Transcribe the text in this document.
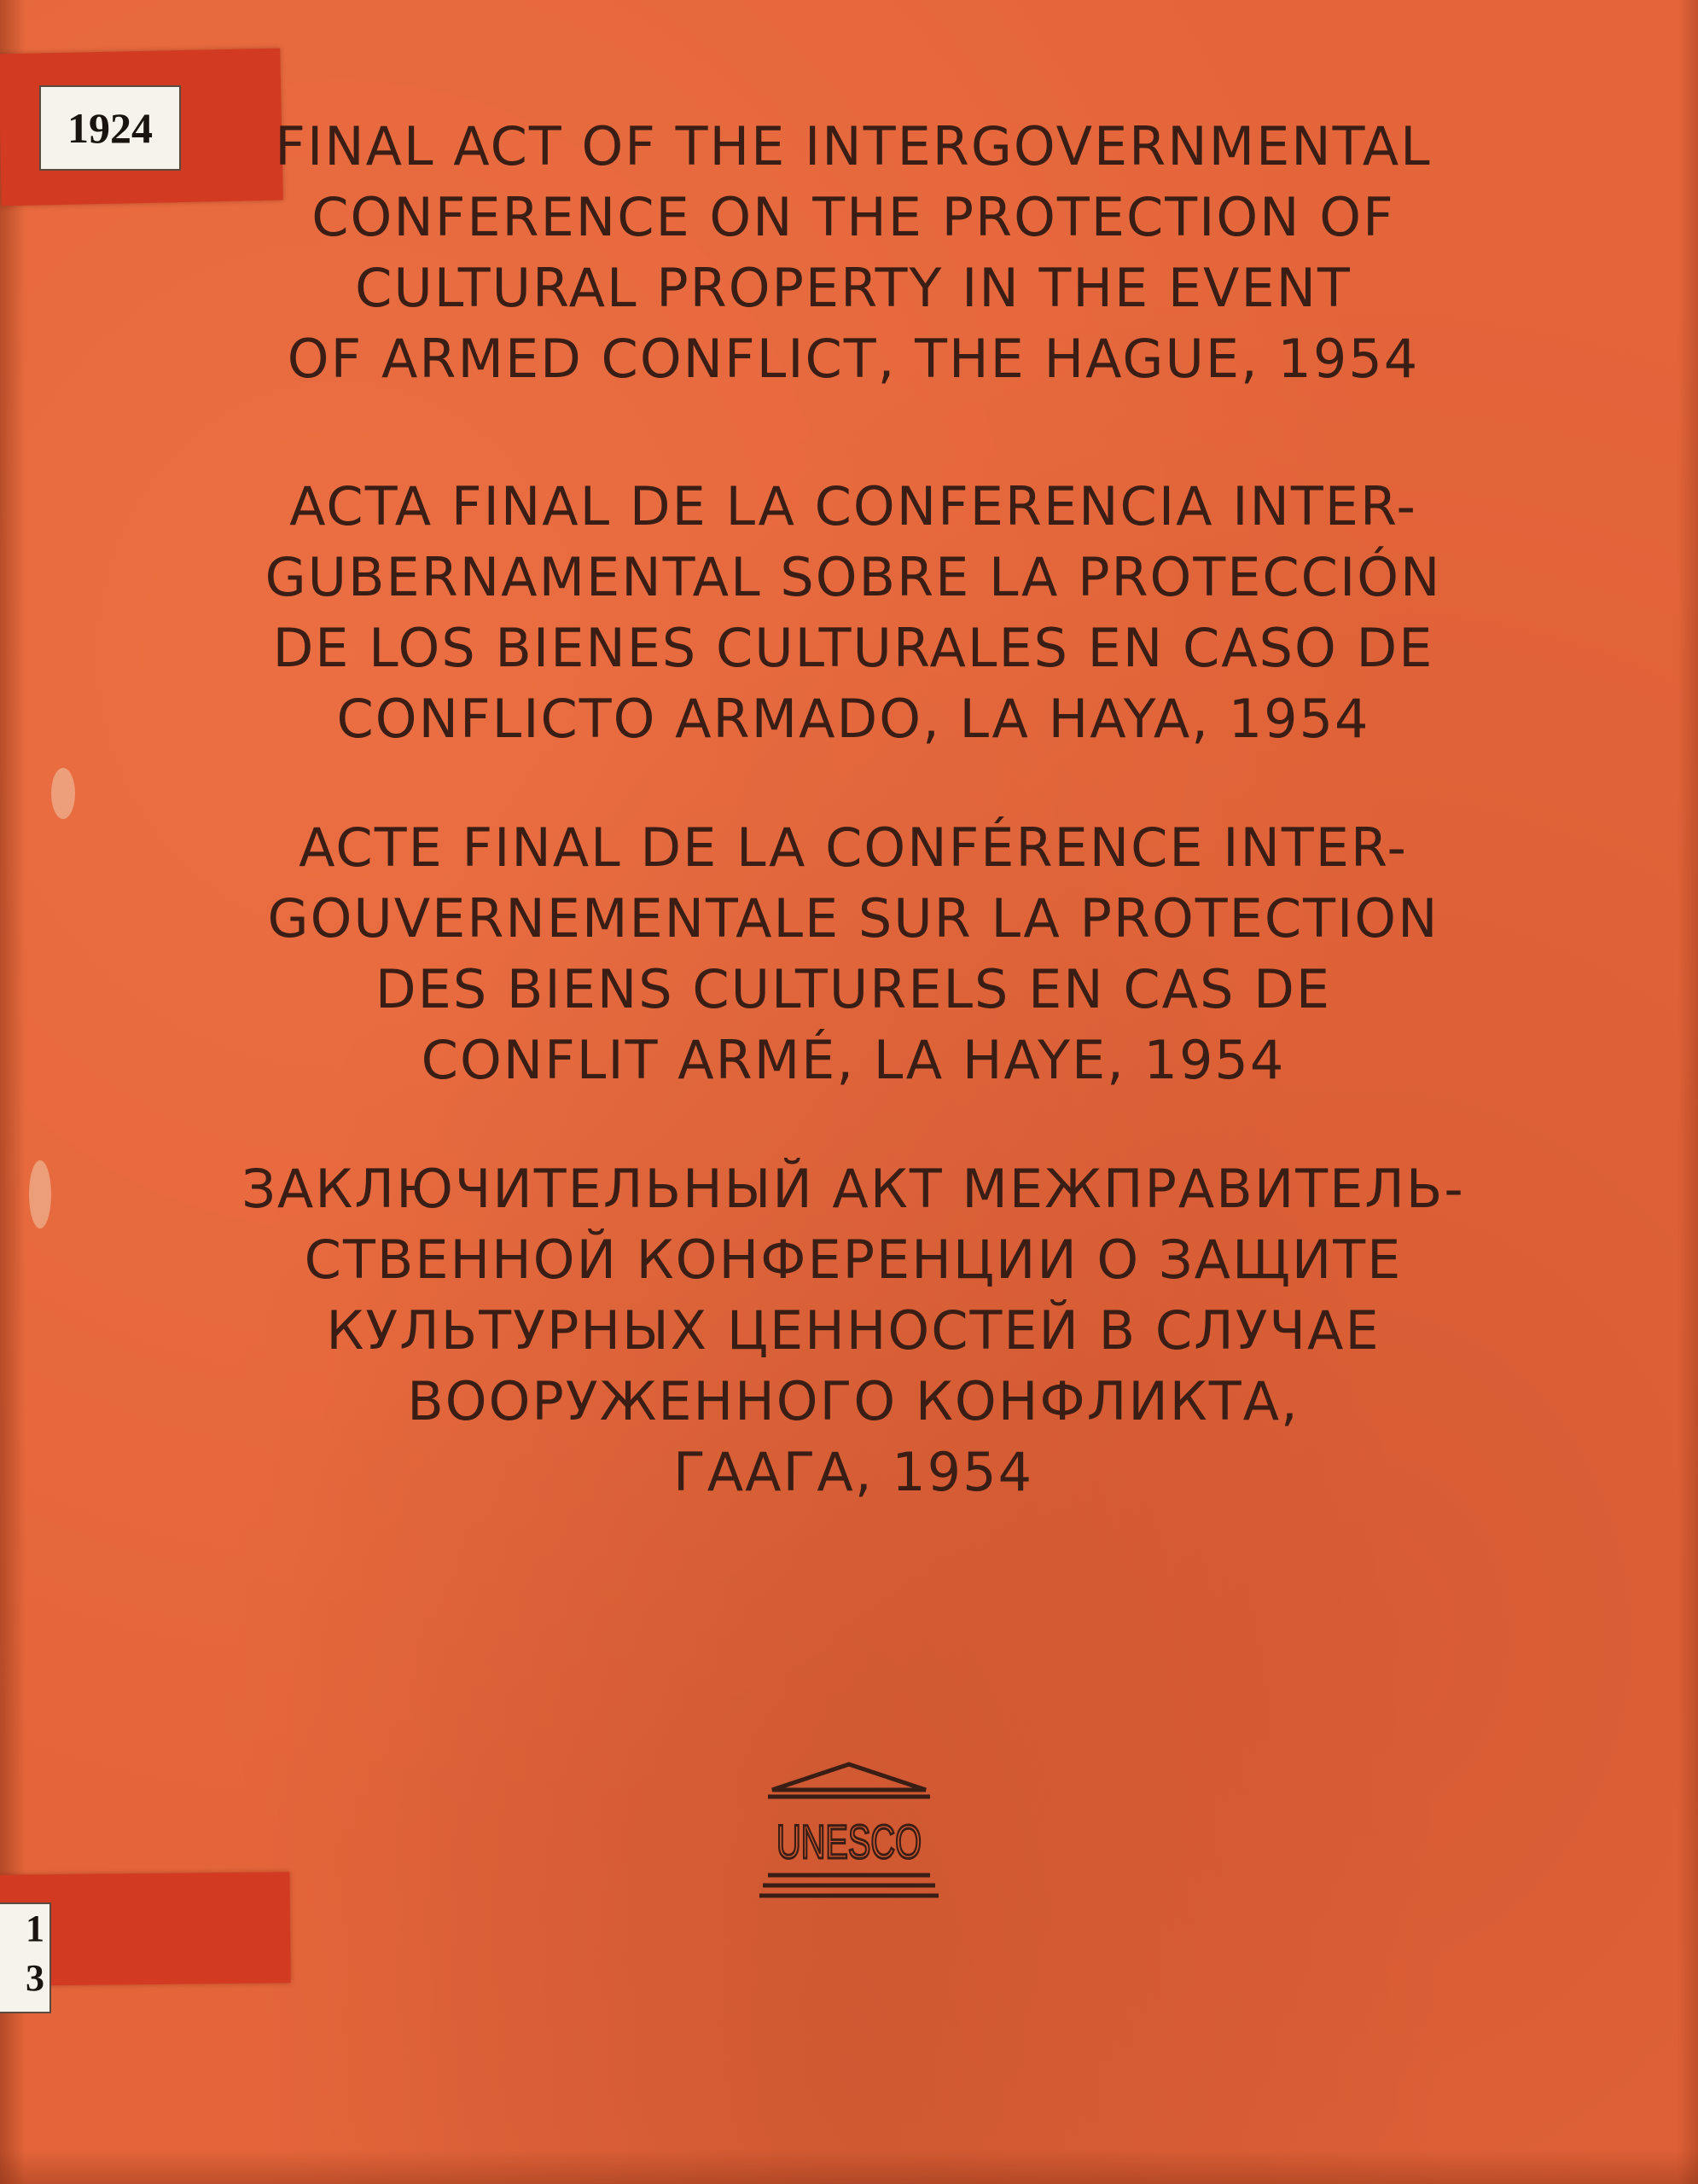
1924
1
3
FINAL ACT OF THE INTERGOVERNMENTAL
CONFERENCE ON THE PROTECTION OF
CULTURAL PROPERTY IN THE EVENT
OF ARMED CONFLICT, THE HAGUE, 1954
ACTA FINAL DE LA CONFERENCIA INTER-
GUBERNAMENTAL SOBRE LA PROTECCIÓN
DE LOS BIENES CULTURALES EN CASO DE
CONFLICTO ARMADO, LA HAYA, 1954
ACTE FINAL DE LA CONFÉRENCE INTER-
GOUVERNEMENTALE SUR LA PROTECTION
DES BIENS CULTURELS EN CAS DE
CONFLIT ARMÉ, LA HAYE, 1954
ЗАКЛЮЧИТЕЛЬНЫЙ АКТ МЕЖПРАВИТЕЛЬ-
СТВЕННОЙ КОНФЕРЕНЦИИ О ЗАЩИТЕ
КУЛЬТУРНЫХ ЦЕННОСТЕЙ В СЛУЧАЕ
ВООРУЖЕННОГО КОНФЛИКТА,
ГААГА, 1954
UNESCO
